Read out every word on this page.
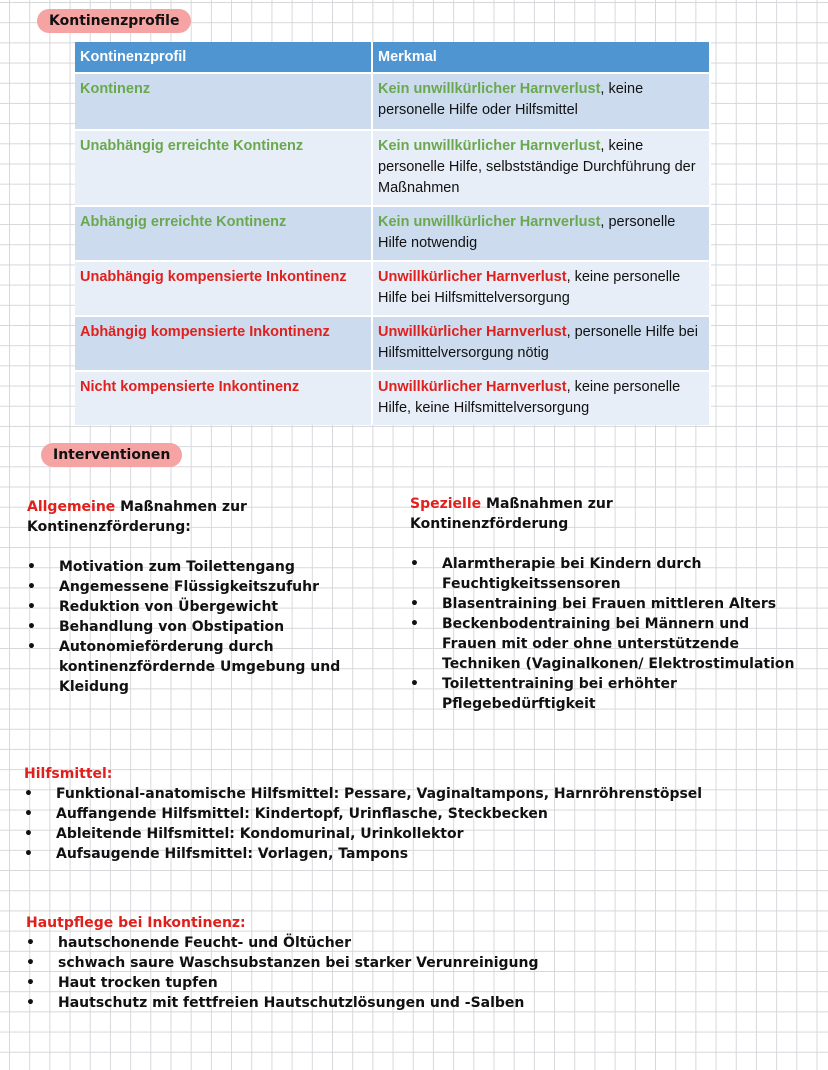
Kontinenzprofile
Kontinenzprofil	Merkmal
Kontinenz	Kein unwillkürlicher Harnverlust, keine personelle Hilfe oder Hilfsmittel
Unabhängig erreichte Kontinenz	Kein unwillkürlicher Harnverlust, keine personelle Hilfe, selbstständige Durchführung der Maßnahmen
Abhängig erreichte Kontinenz	Kein unwillkürlicher Harnverlust, personelle Hilfe notwendig
Unabhängig kompensierte Inkontinenz	Unwillkürlicher Harnverlust, keine personelle Hilfe bei Hilfsmittelversorgung
Abhängig kompensierte Inkontinenz	Unwillkürlicher Harnverlust, personelle Hilfe bei Hilfsmittelversorgung nötig
Nicht kompensierte Inkontinenz	Unwillkürlicher Harnverlust, keine personelle Hilfe, keine Hilfsmittelversorgung
Interventionen
Allgemeine Maßnahmen zur Kontinenzförderung:
• Motivation zum Toilettengang
• Angemessene Flüssigkeitszufuhr
• Reduktion von Übergewicht
• Behandlung von Obstipation
• Autonomieförderung durch kontinenzfördernde Umgebung und Kleidung
Spezielle Maßnahmen zur Kontinenzförderung
• Alarmtherapie bei Kindern durch Feuchtigkeitssensoren
• Blasentraining bei Frauen mittleren Alters
• Beckenbodentraining bei Männern und Frauen mit oder ohne unterstützende Techniken (Vaginalkonen/ Elektrostimulation
• Toilettentraining bei erhöhter Pflegebedürftigkeit
Hilfsmittel:
• Funktional-anatomische Hilfsmittel: Pessare, Vaginaltampons, Harnröhrenstöpsel
• Auffangende Hilfsmittel: Kindertopf, Urinflasche, Steckbecken
• Ableitende Hilfsmittel: Kondomurinal, Urinkollektor
• Aufsaugende Hilfsmittel: Vorlagen, Tampons
Hautpflege bei Inkontinenz:
• hautschonende Feucht- und Öltücher
• schwach saure Waschsubstanzen bei starker Verunreinigung
• Haut trocken tupfen
• Hautschutz mit fettfreien Hautschutzlösungen und -Salben
